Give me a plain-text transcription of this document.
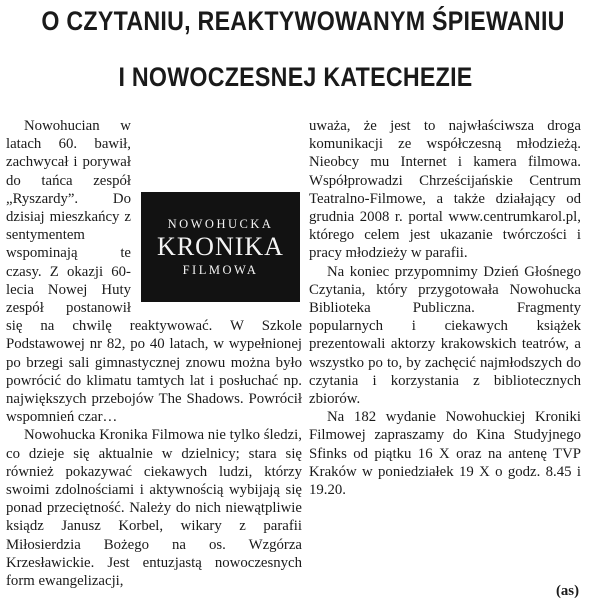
O CZYTANIU, REAKTYWOWANYM ŚPIEWANIU
I NOWOCZESNEJ KATECHEZIE
NOWOHUCKA
KRONIKA
FILMOWA

Nowohucian w latach 60. bawił, zachwycał i porywał do tańca zespół „Ryszardy”. Do dzisiaj mieszkańcy z sentymentem wspominają te czasy. Z okazji 60-lecia Nowej Huty zespół postanowił się na chwilę reaktywować. W Szkole Podstawowej nr 82, po 40 latach, w wypełnionej po brzegi sali gimnastycznej znowu można było powrócić do klimatu tamtych lat i posłuchać np. największych przebojów The Shadows. Powrócił wspomnień czar…

Nowohucka Kronika Filmowa nie tylko śledzi, co dzieje się aktualnie w dzielnicy; stara się również pokazywać ciekawych ludzi, którzy swoimi zdolnościami i aktywnością wybijają się ponad przeciętność. Należy do nich niewątpliwie ksiądz Janusz Korbel, wikary z parafii Miłosierdzia Bożego na os. Wzgórza Krzesławickie. Jest entuzjastą nowoczesnych form ewangelizacji,

uważa, że jest to najwłaściwsza droga komunikacji ze współczesną młodzieżą. Nieobcy mu Internet i kamera filmowa. Współprowadzi Chrześcijańskie Centrum Teatralno-Filmowe, a także działający od grudnia 2008 r. portal www.centrumkarol.pl, którego celem jest ukazanie twórczości i pracy młodzieży w parafii.

Na koniec przypomnimy Dzień Głośnego Czytania, który przygotowała Nowohucka Biblioteka Publiczna. Fragmenty popularnych i ciekawych książek prezentowali aktorzy krakowskich teatrów, a wszystko po to, by zachęcić najmłodszych do czytania i korzystania z bibliotecznych zbiorów.

Na 182 wydanie Nowohuckiej Kroniki Filmowej zapraszamy do Kina Studyjnego Sfinks od piątku 16 X oraz na antenę TVP Kraków w poniedziałek 19 X o godz. 8.45 i 19.20.

(as)
